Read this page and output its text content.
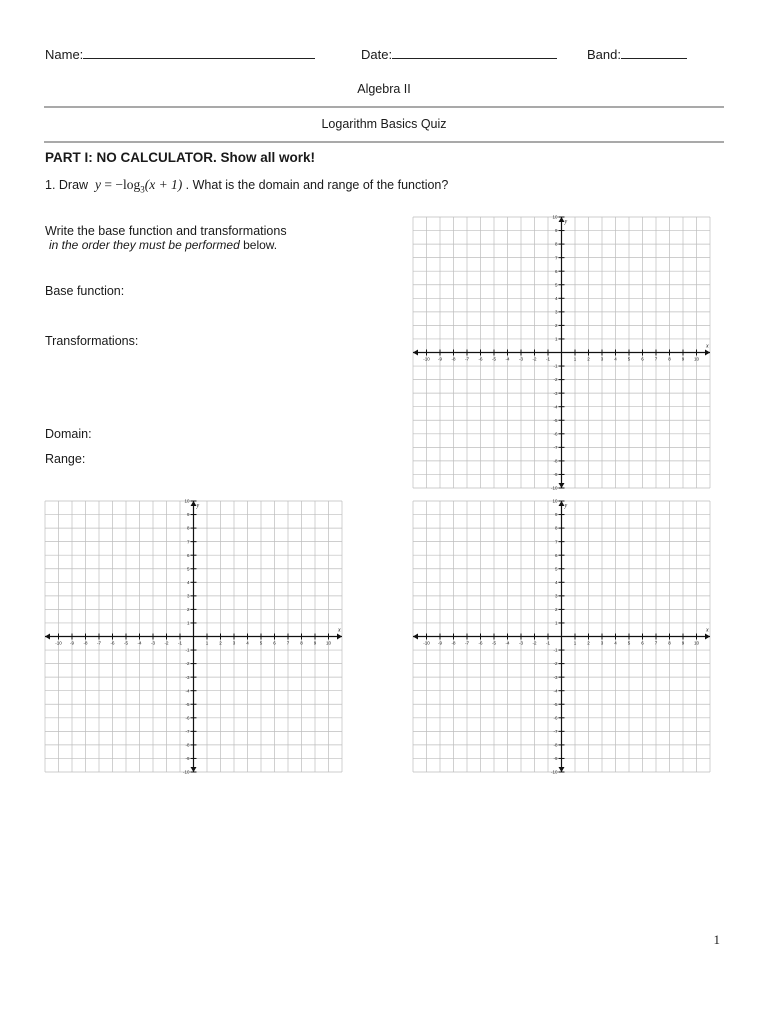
Name:	Date:	Band:
Algebra II
Logarithm Basics Quiz
PART I: NO CALCULATOR. Show all work!
1. Draw $y = -\log_3(x + 1)$ . What is the domain and range of the function?
Write the base function and transformations
in the order they must be performed below.
Base function:
Transformations:
Domain:
Range:
-10 -9 -8 -7 -6 -5 -4 -3 -2 -1	1 2 3 4 5 6 7 8 9 10
10
9
8
7
6
5
4
3
2
1
-1
-2
-3
-4
-5
-6
-7
-8
-9
-10
x
y
-10 -9 -8 -7 -6 -5 -4 -3 -2 -1	1 2 3 4 5 6 7 8 9 10
10
9
8
7
6
5
4
3
2
1
-1
-2
-3
-4
-5
-6
-7
-8
-9
-10
x
y
-10 -9 -8 -7 -6 -5 -4 -3 -2 -1	1 2 3 4 5 6 7 8 9 10
10
9
8
7
6
5
4
3
2
1
-1
-2
-3
-4
-5
-6
-7
-8
-9
-10
x
y
1
